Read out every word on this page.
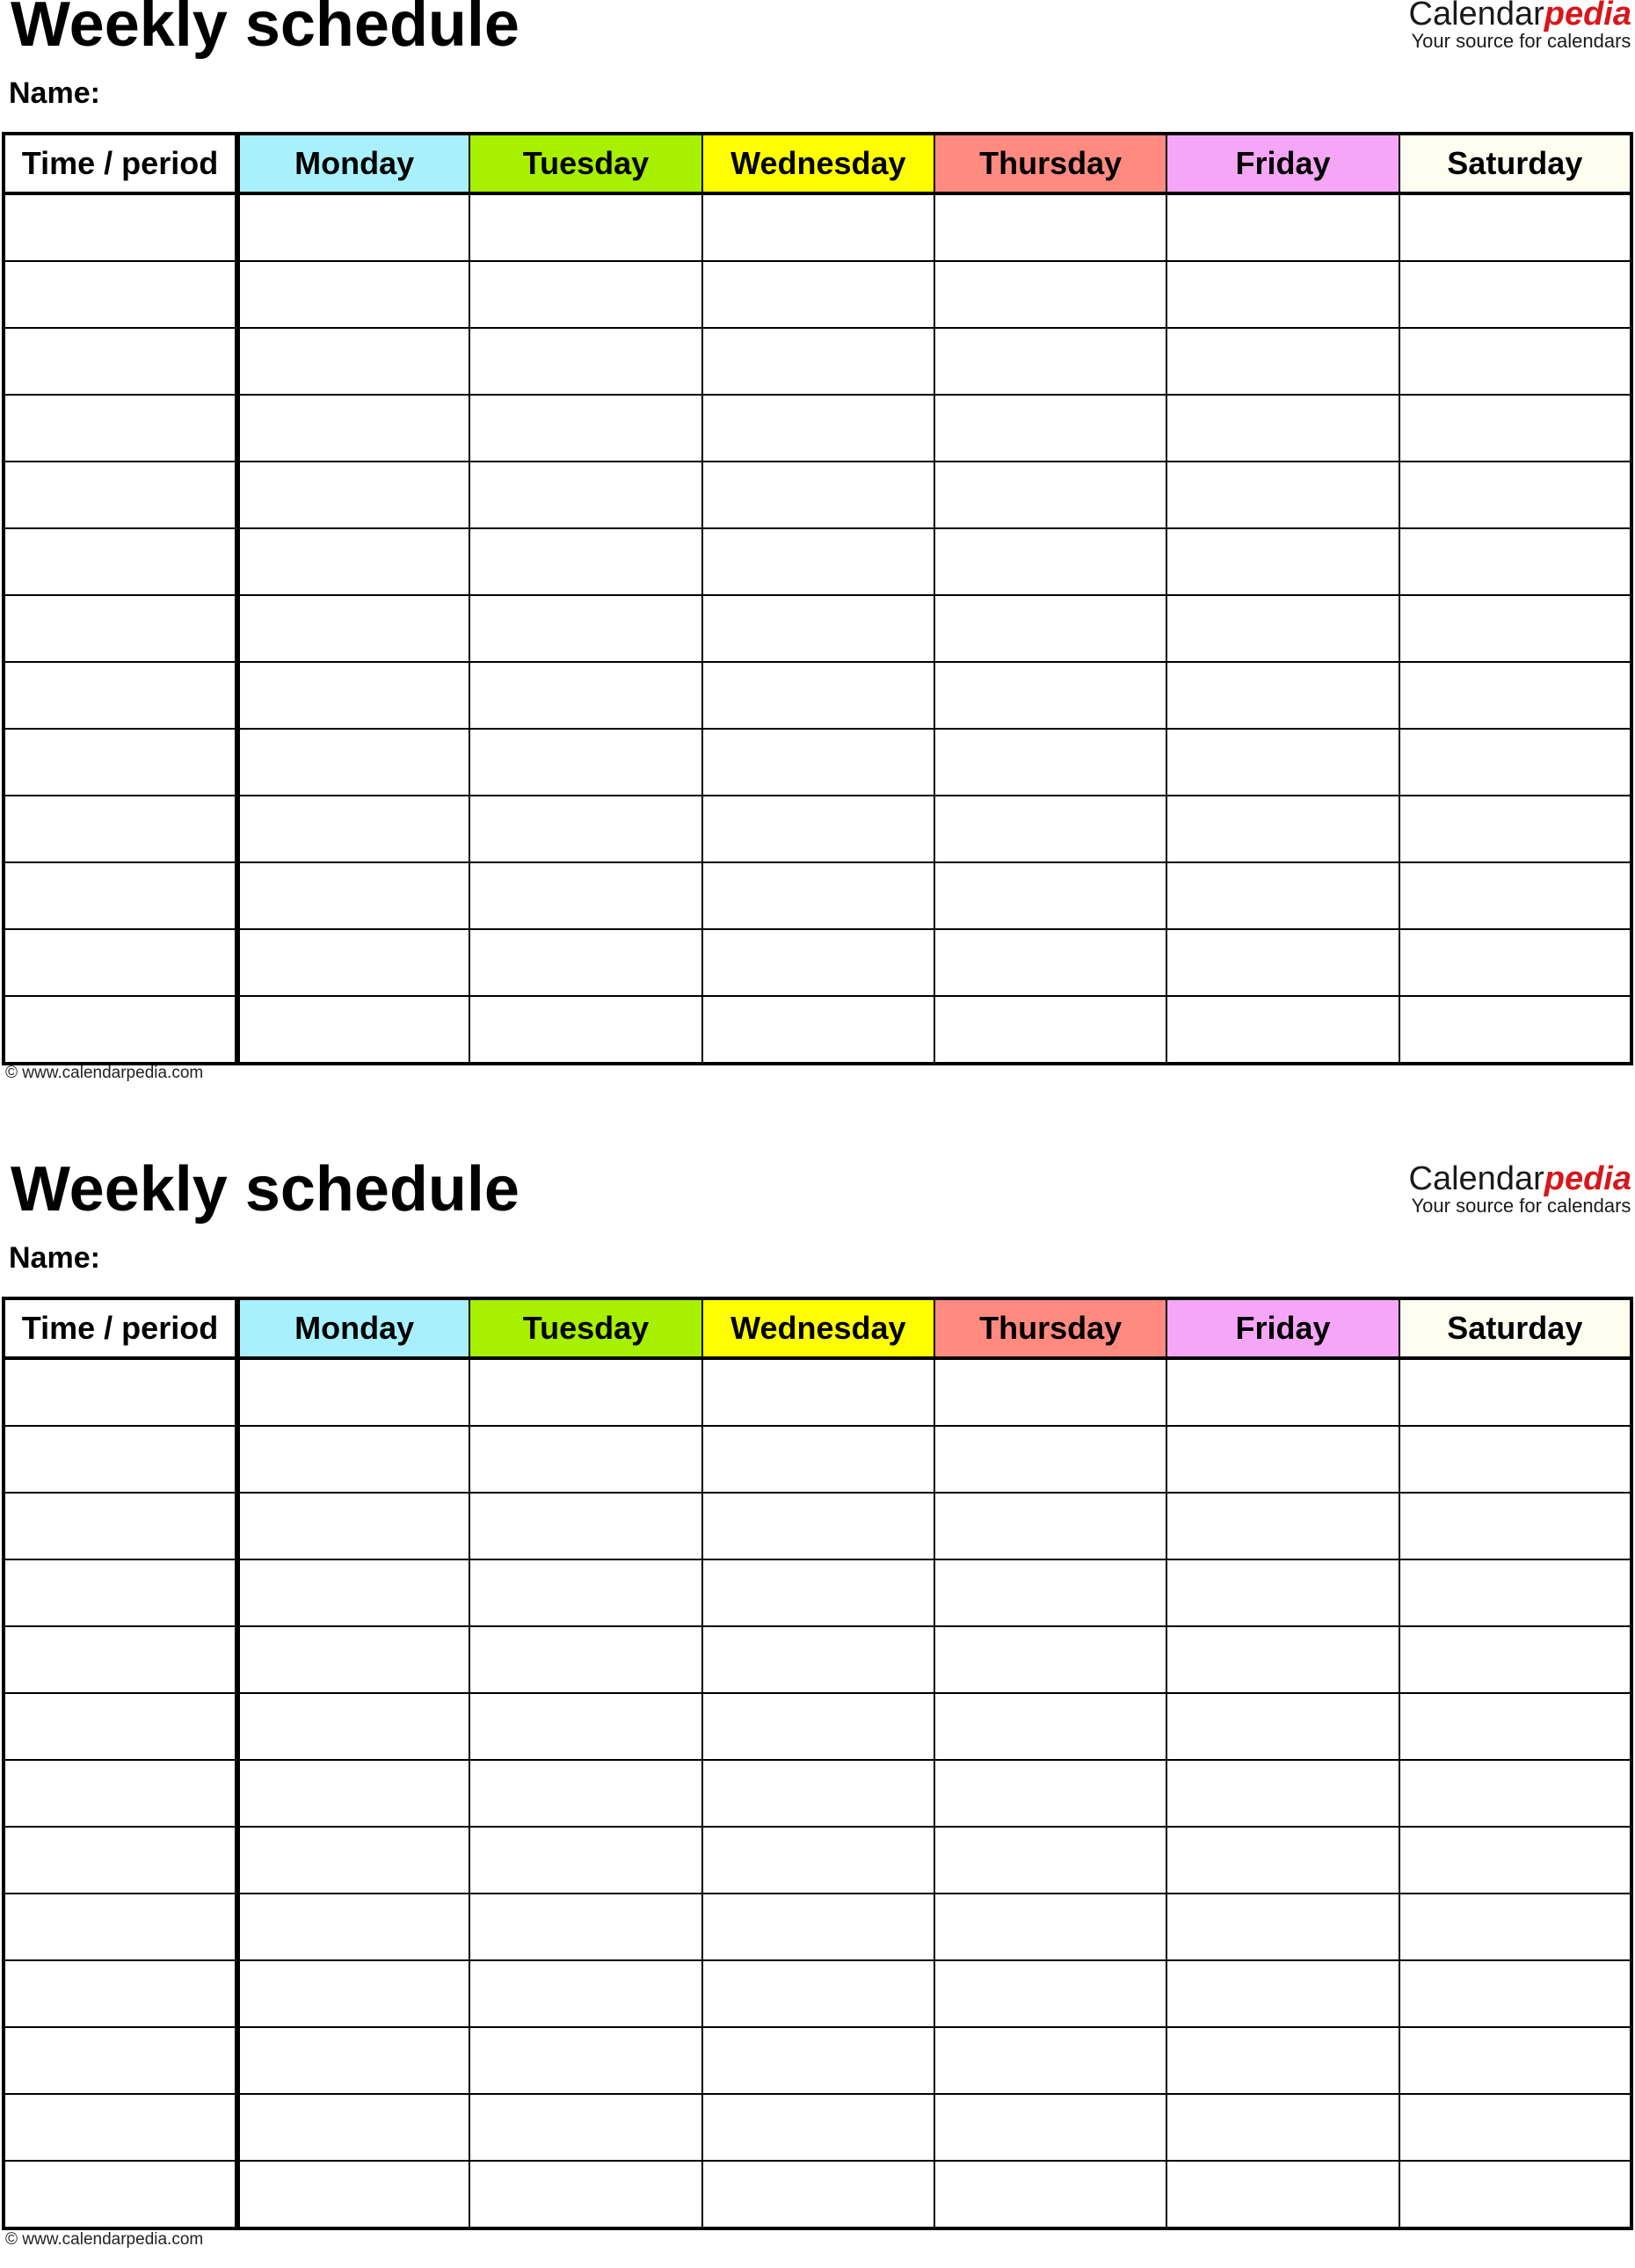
Weekly schedule
Name:
Calendarpedia
Your source for calendars
Time / period	Monday	Tuesday	Wednesday	Thursday	Friday	Saturday

© www.calendarpedia.com
Weekly schedule
Name:
Calendarpedia
Your source for calendars
Time / period	Monday	Tuesday	Wednesday	Thursday	Friday	Saturday

© www.calendarpedia.com
